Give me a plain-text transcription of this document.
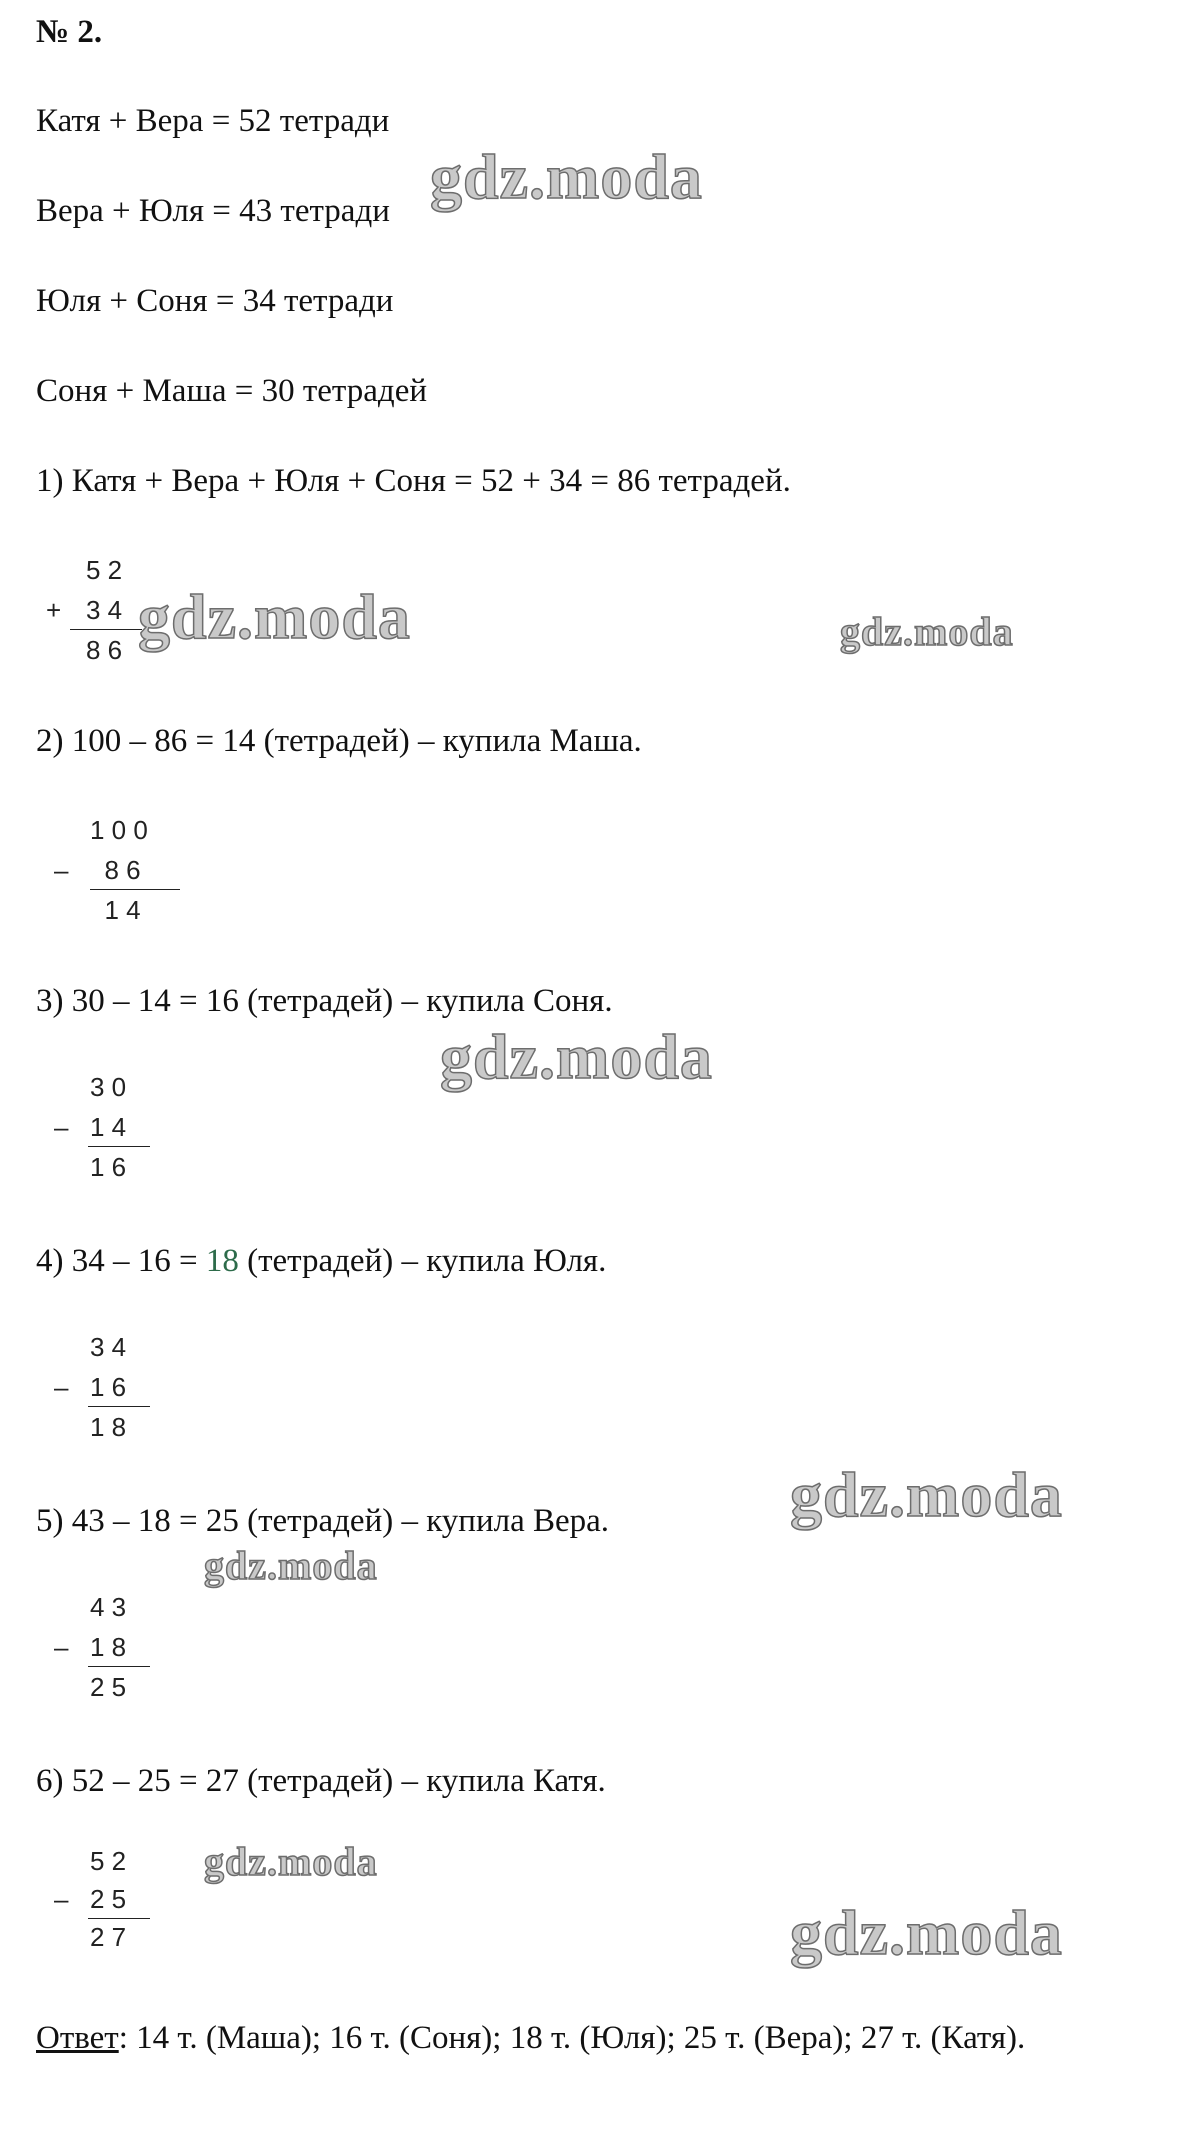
№ 2.
Катя + Вера = 52 тетради
Вера + Юля = 43 тетради
Юля + Соня = 34 тетради
Соня + Маша = 30 тетрадей
1) Катя + Вера + Юля + Соня = 52 + 34 = 86 тетрадей.
5 2
+ 3 4
8 6
2) 100 – 86 = 14 (тетрадей) – купила Маша.
1 0 0
– 8 6
1 4
3) 30 – 14 = 16 (тетрадей) – купила Соня.
3 0
– 1 4
1 6
4) 34 – 16 = 18 (тетрадей) – купила Юля.
3 4
– 1 6
1 8
5) 43 – 18 = 25 (тетрадей) – купила Вера.
4 3
– 1 8
2 5
6) 52 – 25 = 27 (тетрадей) – купила Катя.
5 2
– 2 5
2 7
Ответ: 14 т. (Маша); 16 т. (Соня); 18 т. (Юля); 25 т. (Вера); 27 т. (Катя).
gdz.moda
gdz.moda	gdz.moda
gdz.moda
gdz.moda
gdz.moda
gdz.moda
gdz.moda
